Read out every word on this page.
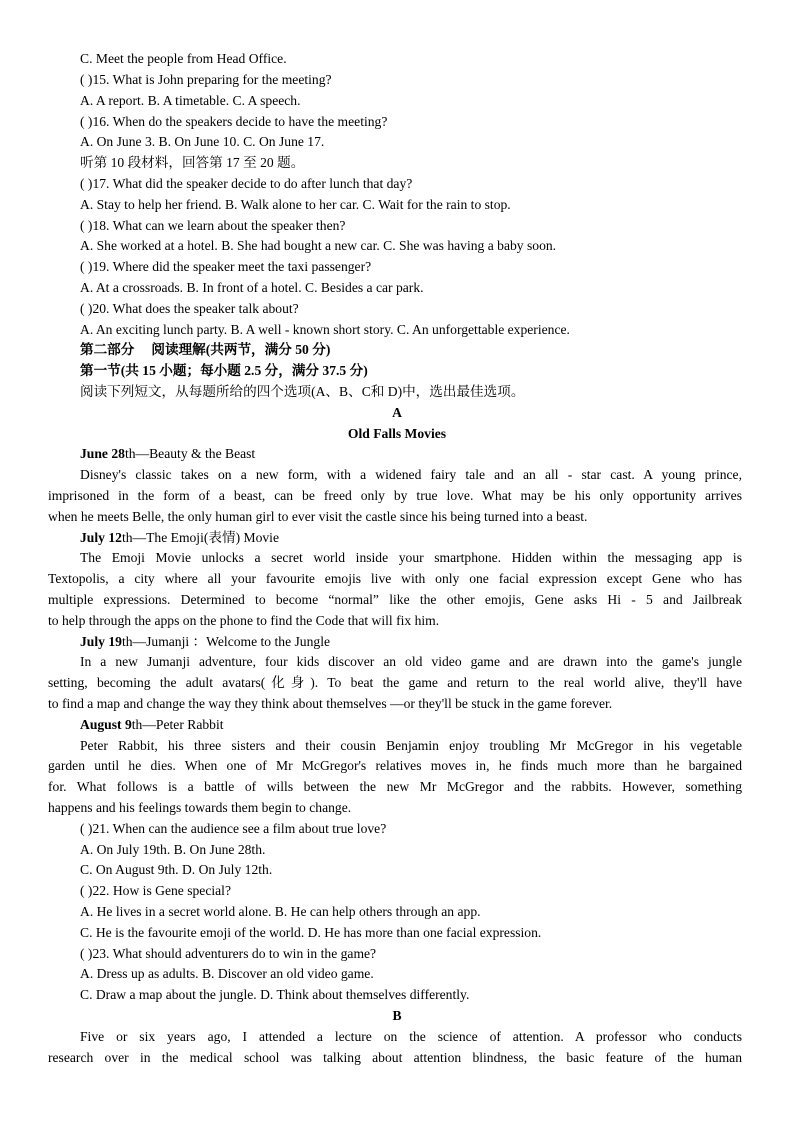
C. Meet the people from Head Office.
( )15. What is John preparing for the meeting?
A. A report. B. A timetable. C. A speech.
( )16. When do the speakers decide to have the meeting?
A. On June 3. B. On June 10. C. On June 17.
听第 10 段材料，回答第 17 至 20 题。
( )17. What did the speaker decide to do after lunch that day?
A. Stay to help her friend. B. Walk alone to her car. C. Wait for the rain to stop.
( )18. What can we learn about the speaker then?
A. She worked at a hotel. B. She had bought a new car. C. She was having a baby soon.
( )19. Where did the speaker meet the taxi passenger?
A. At a crossroads. B. In front of a hotel. C. Besides a car park.
( )20. What does the speaker talk about?
A. An exciting lunch party. B. A well - known short story. C. An unforgettable experience.
第二部分　 阅读理解(共两节，满分 50 分)
第一节(共 15 小题；每小题 2.5 分，满分 37.5 分)
阅读下列短文，从每题所给的四个选项(A、B、C和 D)中，选出最佳选项。
A
Old Falls Movies
June 28th—Beauty & the Beast
Disney's classic takes on a new form, with a widened fairy tale and an all - star cast. A young prince,
imprisoned in the form of a beast, can be freed only by true love. What may be his only opportunity arrives
when he meets Belle, the only human girl to ever visit the castle since his being turned into a beast.
July 12th—The Emoji(表情) Movie
The Emoji Movie unlocks a secret world inside your smartphone. Hidden within the messaging app is
Textopolis, a city where all your favourite emojis live with only one facial expression except Gene who has
multiple expressions. Determined to become “normal” like the other emojis, Gene asks Hi - 5 and Jailbreak
to help through the apps on the phone to find the Code that will fix him.
July 19th—Jumanji ：Welcome to the Jungle
In a new Jumanji adventure, four kids discover an old video game and are drawn into the game's jungle
setting, becoming the adult avatars(化身). To beat the game and return to the real world alive, they'll have
to find a map and change the way they think about themselves —or they'll be stuck in the game forever.
August 9th—Peter Rabbit
Peter Rabbit, his three sisters and their cousin Benjamin enjoy troubling Mr McGregor in his vegetable
garden until he dies. When one of Mr McGregor's relatives moves in, he finds much more than he bargained
for. What follows is a battle of wills between the new Mr McGregor and the rabbits. However, something
happens and his feelings towards them begin to change.
( )21. When can the audience see a film about true love?
A. On July 19th. B. On June 28th.
C. On August 9th. D. On July 12th.
( )22. How is Gene special?
A. He lives in a secret world alone. B. He can help others through an app.
C. He is the favourite emoji of the world. D. He has more than one facial expression.
( )23. What should adventurers do to win in the game?
A. Dress up as adults. B. Discover an old video game.
C. Draw a map about the jungle. D. Think about themselves differently.
B
Five or six years ago, I attended a lecture on the science of attention. A professor who conducts
research over in the medical school was talking about attention blindness, the basic feature of the human
